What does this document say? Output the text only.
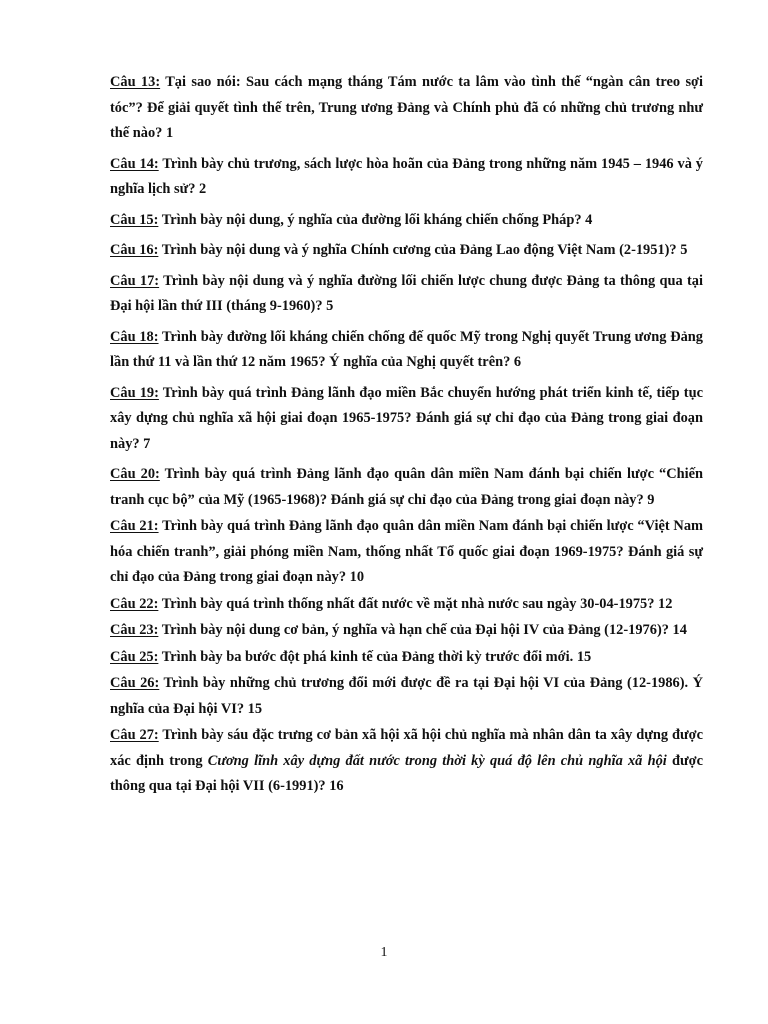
Câu 13: Tại sao nói: Sau cách mạng tháng Tám nước ta lâm vào tình thế “ngàn cân treo sợi tóc”? Để giải quyết tình thế trên, Trung ương Đảng và Chính phủ đã có những chủ trương như thế nào? 1

Câu 14: Trình bày chủ trương, sách lược hòa hoãn của Đảng trong những năm 1945 – 1946 và ý nghĩa lịch sử? 2

Câu 15: Trình bày nội dung, ý nghĩa của đường lối kháng chiến chống Pháp? 4

Câu 16: Trình bày nội dung và ý nghĩa Chính cương của Đảng Lao động Việt Nam (2-1951)? 5

Câu 17: Trình bày nội dung và ý nghĩa đường lối chiến lược chung được Đảng ta thông qua tại Đại hội lần thứ III (tháng 9-1960)? 5

Câu 18: Trình bày đường lối kháng chiến chống đế quốc Mỹ trong Nghị quyết Trung ương Đảng lần thứ 11 và lần thứ 12 năm 1965? Ý nghĩa của Nghị quyết trên? 6

Câu 19: Trình bày quá trình Đảng lãnh đạo miền Bắc chuyển hướng phát triển kinh tế, tiếp tục xây dựng chủ nghĩa xã hội giai đoạn 1965-1975? Đánh giá sự chỉ đạo của Đảng trong giai đoạn này? 7

Câu 20: Trình bày quá trình Đảng lãnh đạo quân dân miền Nam đánh bại chiến lược “Chiến tranh cục bộ” của Mỹ (1965-1968)? Đánh giá sự chỉ đạo của Đảng trong giai đoạn này? 9

Câu 21: Trình bày quá trình Đảng lãnh đạo quân dân miền Nam đánh bại chiến lược “Việt Nam hóa chiến tranh”, giải phóng miền Nam, thống nhất Tổ quốc giai đoạn 1969-1975? Đánh giá sự chỉ đạo của Đảng trong giai đoạn này? 10

Câu 22: Trình bày quá trình thống nhất đất nước về mặt nhà nước sau ngày 30-04-1975? 12

Câu 23: Trình bày nội dung cơ bản, ý nghĩa và hạn chế của Đại hội IV của Đảng (12-1976)? 14

Câu 25: Trình bày ba bước đột phá kinh tế của Đảng thời kỳ trước đổi mới. 15

Câu 26: Trình bày những chủ trương đổi mới được đề ra tại Đại hội VI của Đảng (12-1986). Ý nghĩa của Đại hội VI? 15

Câu 27: Trình bày sáu đặc trưng cơ bản xã hội xã hội chủ nghĩa mà nhân dân ta xây dựng được xác định trong Cương lĩnh xây dựng đất nước trong thời kỳ quá độ lên chủ nghĩa xã hội được thông qua tại Đại hội VII (6-1991)? 16

1
